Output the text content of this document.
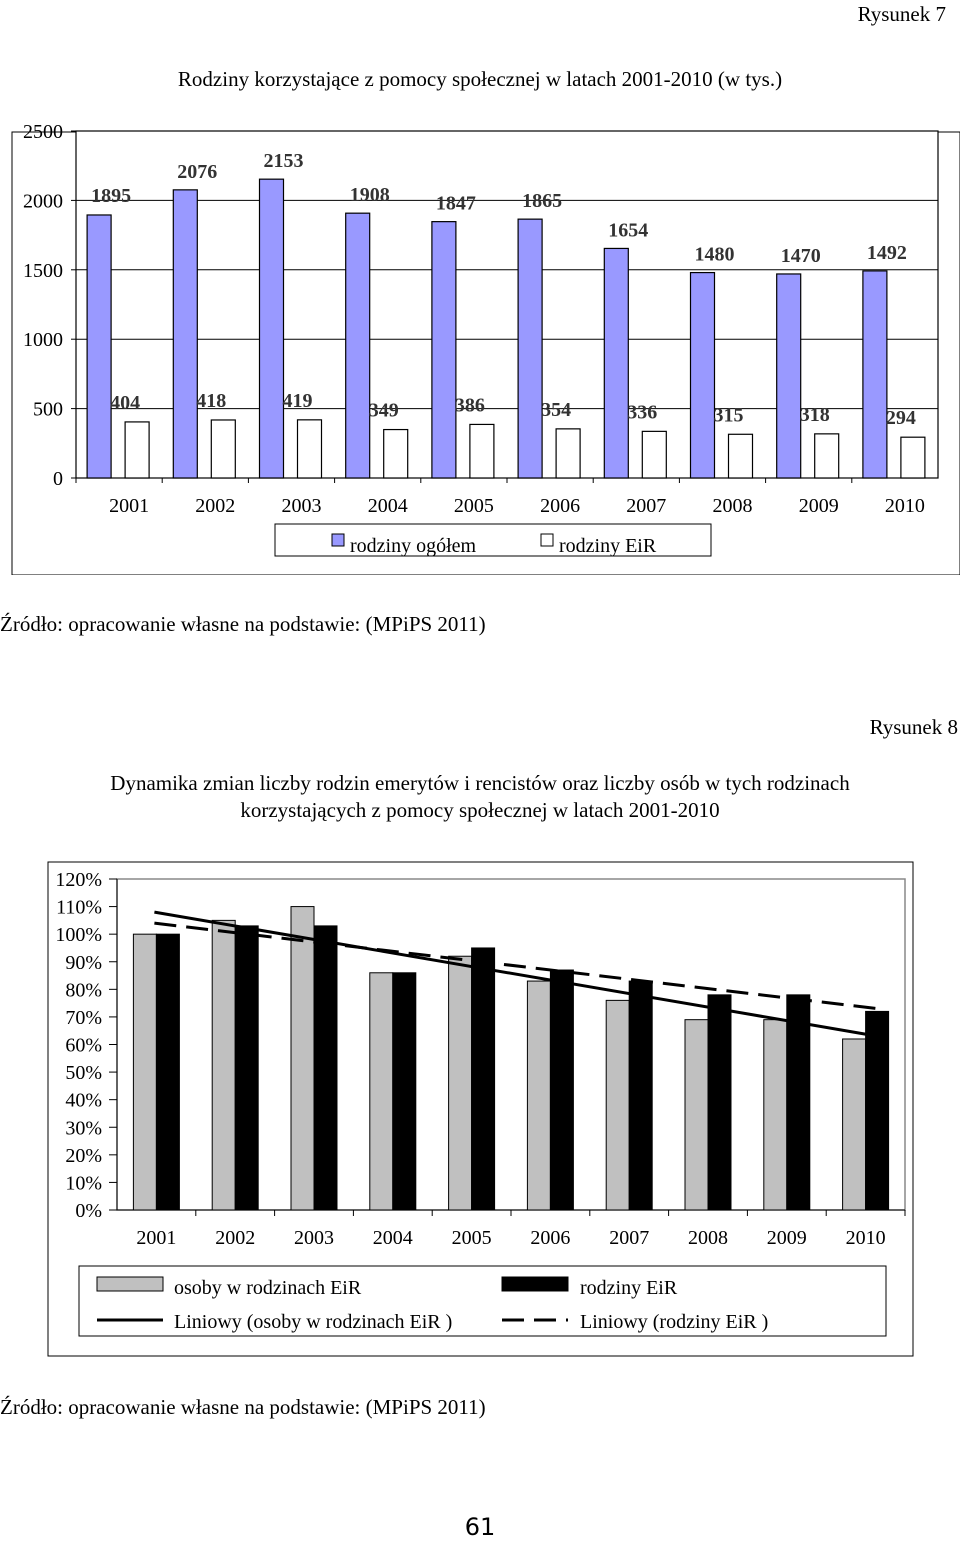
Rysunek 7
Rodziny korzystające z pomocy społecznej w latach 2001-2010 (w tys.)
0
500
1000
1500
2000
2500
2001 2002 2003 2004 2005 2006 2007 2008 2009 2010
1895
404
2076
418
2153
419
1908
349
1847
386
1865
354
1654
336
1480
315
1470
318
1492
294
rodziny ogółem	rodziny EiR
Źródło: opracowanie własne na podstawie: (MPiPS 2011)
Rysunek 8
Dynamika zmian liczby rodzin emerytów i rencistów oraz liczby osób w tych rodzinach
korzystających z pomocy społecznej w latach 2001-2010
0%
10%
20%
30%
40%
50%
60%
70%
80%
90%
100%
110%
120%
2001 2002 2003 2004 2005 2006 2007 2008 2009 2010
osoby w rodzinach EiR	rodziny EiR
Liniowy (osoby w rodzinach EiR )	Liniowy (rodziny EiR )
Źródło: opracowanie własne na podstawie: (MPiPS 2011)
61
